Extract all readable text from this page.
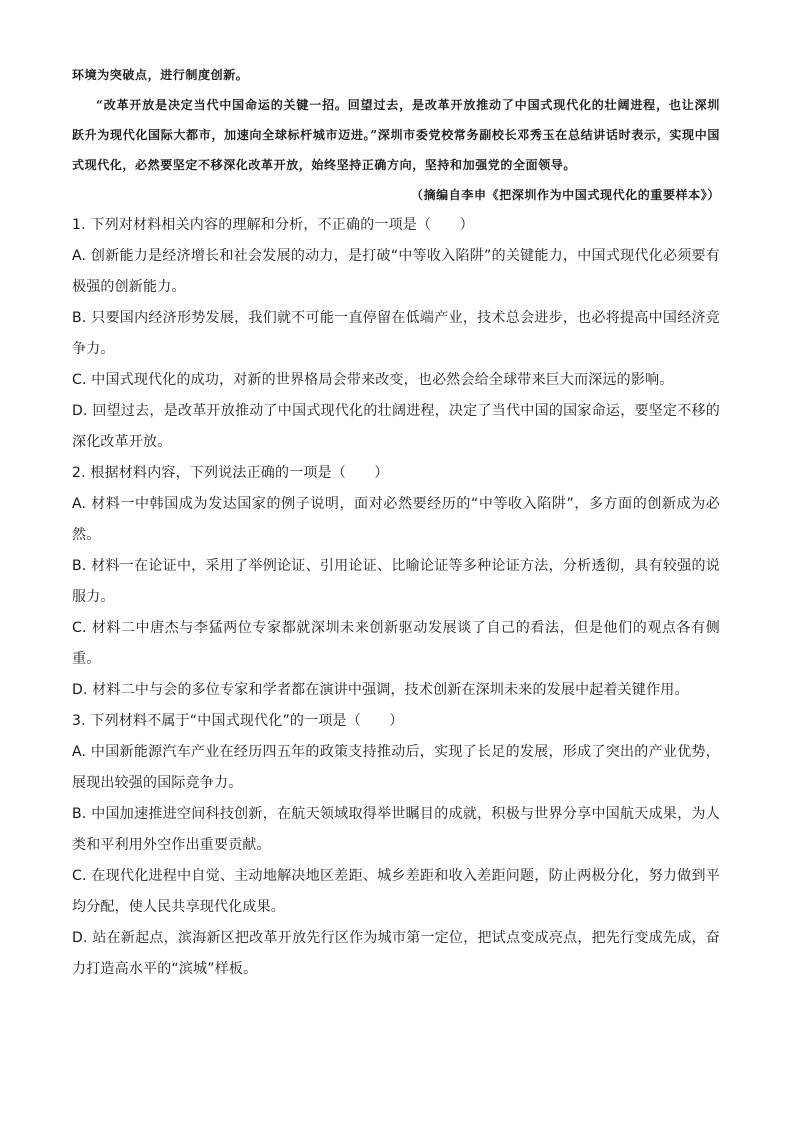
环境为突破点，进行制度创新。

“改革开放是决定当代中国命运的关键一招。回望过去，是改革开放推动了中国式现代化的壮阔进程，也让深圳跃升为现代化国际大都市，加速向全球标杆城市迈进。”深圳市委党校常务副校长邓秀玉在总结讲话时表示，实现中国式现代化，必然要坚定不移深化改革开放，始终坚持正确方向，坚持和加强党的全面领导。

（摘编自李申《把深圳作为中国式现代化的重要样本》）

1. 下列对材料相关内容的理解和分析，不正确的一项是（　　）

A. 创新能力是经济增长和社会发展的动力，是打破“中等收入陷阱”的关键能力，中国式现代化必须要有极强的创新能力。

B. 只要国内经济形势发展，我们就不可能一直停留在低端产业，技术总会进步，也必将提高中国经济竞争力。

C. 中国式现代化的成功，对新的世界格局会带来改变，也必然会给全球带来巨大而深远的影响。

D. 回望过去，是改革开放推动了中国式现代化的壮阔进程，决定了当代中国的国家命运，要坚定不移的深化改革开放。

2. 根据材料内容，下列说法正确的一项是（　　）

A. 材料一中韩国成为发达国家的例子说明，面对必然要经历的“中等收入陷阱”，多方面的创新成为必然。

B. 材料一在论证中，采用了举例论证、引用论证、比喻论证等多种论证方法，分析透彻，具有较强的说服力。

C. 材料二中唐杰与李猛两位专家都就深圳未来创新驱动发展谈了自己的看法，但是他们的观点各有侧重。

D. 材料二中与会的多位专家和学者都在演讲中强调，技术创新在深圳未来的发展中起着关键作用。

3. 下列材料不属于“中国式现代化”的一项是（　　）

A. 中国新能源汽车产业在经历四五年的政策支持推动后，实现了长足的发展，形成了突出的产业优势，展现出较强的国际竞争力。

B. 中国加速推进空间科技创新，在航天领域取得举世瞩目的成就，积极与世界分享中国航天成果，为人类和平利用外空作出重要贡献。

C. 在现代化进程中自觉、主动地解决地区差距、城乡差距和收入差距问题，防止两极分化，努力做到平均分配，使人民共享现代化成果。

D. 站在新起点，滨海新区把改革开放先行区作为城市第一定位，把试点变成亮点，把先行变成先成，奋力打造高水平的“滨城”样板。
